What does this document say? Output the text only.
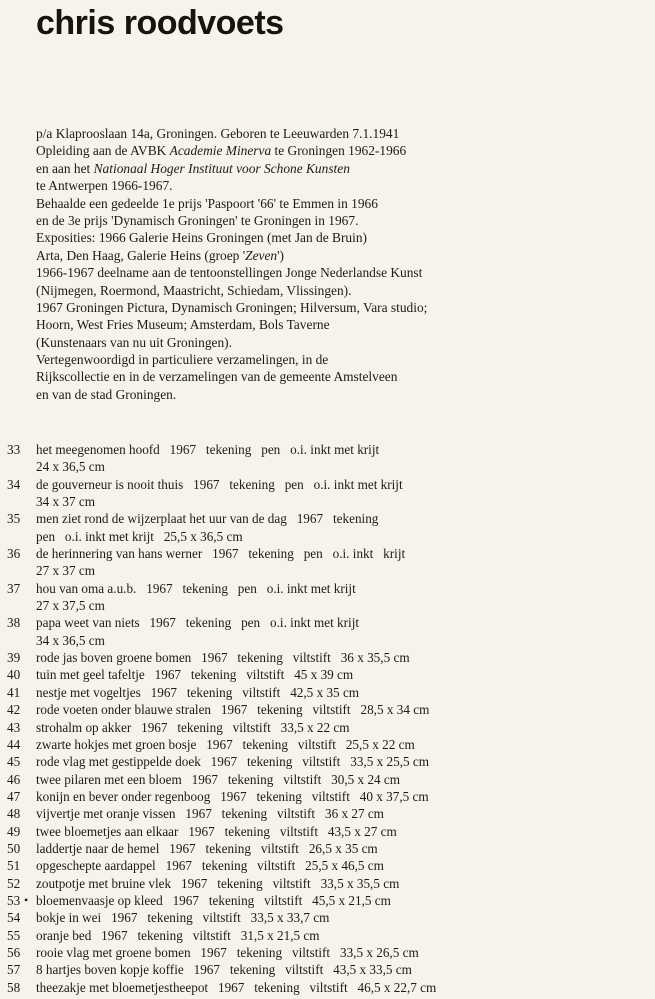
chris roodvoets
p/a Klaprooslaan 14a, Groningen. Geboren te Leeuwarden 7.1.1941
Opleiding aan de AVBK Academie Minerva te Groningen 1962-1966
en aan het Nationaal Hoger Instituut voor Schone Kunsten
te Antwerpen 1966-1967.
Behaalde een gedeelde 1e prijs 'Paspoort '66' te Emmen in 1966
en de 3e prijs 'Dynamisch Groningen' te Groningen in 1967.
Exposities: 1966 Galerie Heins Groningen (met Jan de Bruin)
Arta, Den Haag, Galerie Heins (groep 'Zeven')
1966-1967 deelname aan de tentoonstellingen Jonge Nederlandse Kunst
(Nijmegen, Roermond, Maastricht, Schiedam, Vlissingen).
1967 Groningen Pictura, Dynamisch Groningen; Hilversum, Vara studio;
Hoorn, West Fries Museum; Amsterdam, Bols Taverne
(Kunstenaars van nu uit Groningen).
Vertegenwoordigd in particuliere verzamelingen, in de
Rijkscollectie en in de verzamelingen van de gemeente Amstelveen
en van de stad Groningen.
33	het meegenomen hoofd   1967   tekening   pen   o.i. inkt met krijt
24 x 36,5 cm
34	de gouverneur is nooit thuis   1967   tekening   pen   o.i. inkt met krijt
34 x 37 cm
35	men ziet rond de wijzerplaat het uur van de dag   1967   tekening
pen   o.i. inkt met krijt   25,5 x 36,5 cm
36	de herinnering van hans werner   1967   tekening   pen   o.i. inkt   krijt
27 x 37 cm
37	hou van oma a.u.b.   1967   tekening   pen   o.i. inkt met krijt
27 x 37,5 cm
38	papa weet van niets   1967   tekening   pen   o.i. inkt met krijt
34 x 36,5 cm
39	rode jas boven groene bomen   1967   tekening   viltstift   36 x 35,5 cm
40	tuin met geel tafeltje   1967   tekening   viltstift   45 x 39 cm
41	nestje met vogeltjes   1967   tekening   viltstift   42,5 x 35 cm
42	rode voeten onder blauwe stralen   1967   tekening   viltstift   28,5 x 34 cm
43	strohalm op akker   1967   tekening   viltstift   33,5 x 22 cm
44	zwarte hokjes met groen bosje   1967   tekening   viltstift   25,5 x 22 cm
45	rode vlag met gestippelde doek   1967   tekening   viltstift   33,5 x 25,5 cm
46	twee pilaren met een bloem   1967   tekening   viltstift   30,5 x 24 cm
47	konijn en bever onder regenboog   1967   tekening   viltstift   40 x 37,5 cm
48	vijvertje met oranje vissen   1967   tekening   viltstift   36 x 27 cm
49	twee bloemetjes aan elkaar   1967   tekening   viltstift   43,5 x 27 cm
50	laddertje naar de hemel   1967   tekening   viltstift   26,5 x 35 cm
51	opgeschepte aardappel   1967   tekening   viltstift   25,5 x 46,5 cm
52	zoutpotje met bruine vlek   1967   tekening   viltstift   33,5 x 35,5 cm
53 • bloemenvaasje op kleed   1967   tekening   viltstift   45,5 x 21,5 cm
54	bokje in wei   1967   tekening   viltstift   33,5 x 33,7 cm
55	oranje bed   1967   tekening   viltstift   31,5 x 21,5 cm
56	rooie vlag met groene bomen   1967   tekening   viltstift   33,5 x 26,5 cm
57	8 hartjes boven kopje koffie   1967   tekening   viltstift   43,5 x 33,5 cm
58	theezakje met bloemetjestheepot   1967   tekening   viltstift   46,5 x 22,7 cm
